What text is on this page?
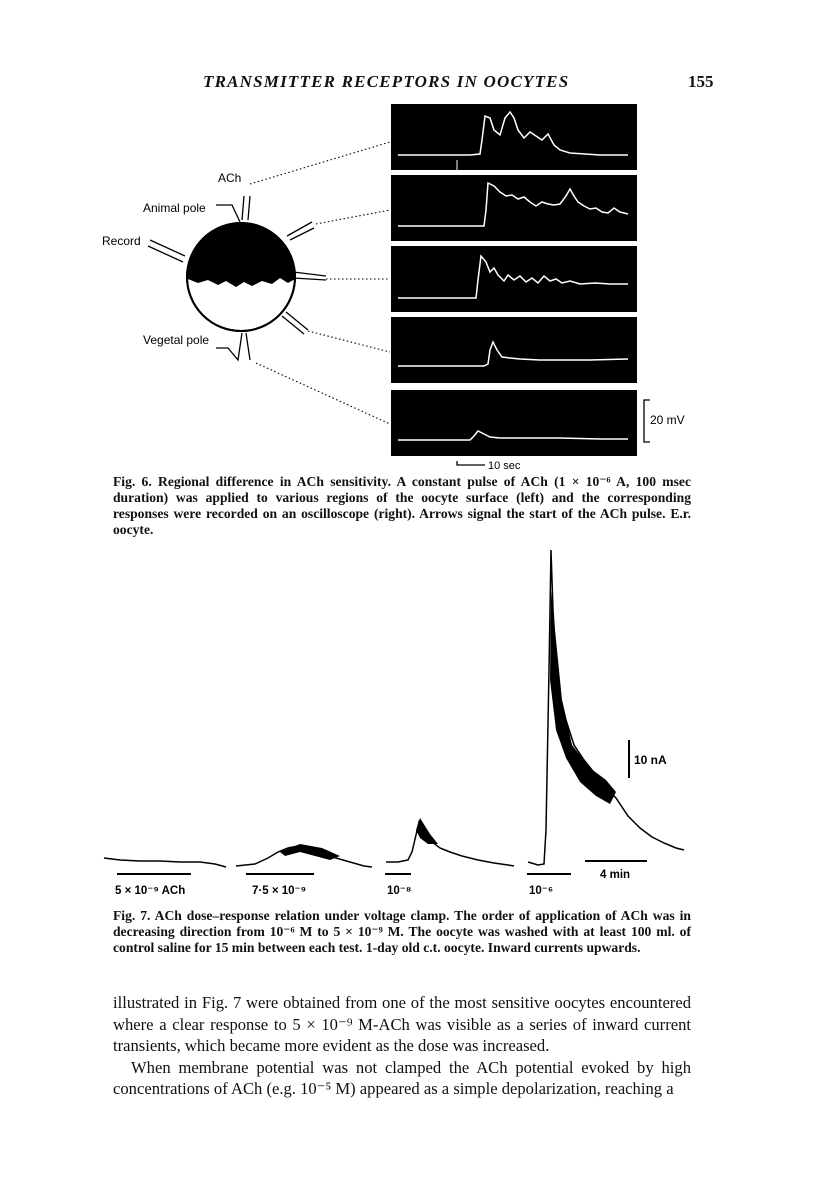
TRANSMITTER RECEPTORS IN OOCYTES	155
ACh
Animal pole
Record
Vegetal pole
20 mV
10 sec
Fig. 6. Regional difference in ACh sensitivity. A constant pulse of ACh (1 × 10⁻⁶ A, 100 msec duration) was applied to various regions of the oocyte surface (left) and the corresponding responses were recorded on an oscilloscope (right). Arrows signal the start of the ACh pulse. E.r. oocyte.
5 × 10⁻⁹ ACh	7·5 × 10⁻⁹	10⁻⁸	10⁻⁶
10 nA
4 min
Fig. 7. ACh dose–response relation under voltage clamp. The order of application of ACh was in decreasing direction from 10⁻⁶ M to 5 × 10⁻⁹ M. The oocyte was washed with at least 100 ml. of control saline for 15 min between each test. 1-day old c.t. oocyte. Inward currents upwards.

illustrated in Fig. 7 were obtained from one of the most sensitive oocytes encountered where a clear response to 5 × 10⁻⁹ M-ACh was visible as a series of inward current transients, which became more evident as the dose was increased.

When membrane potential was not clamped the ACh potential evoked by high concentrations of ACh (e.g. 10⁻⁵ M) appeared as a simple depolarization, reaching a
